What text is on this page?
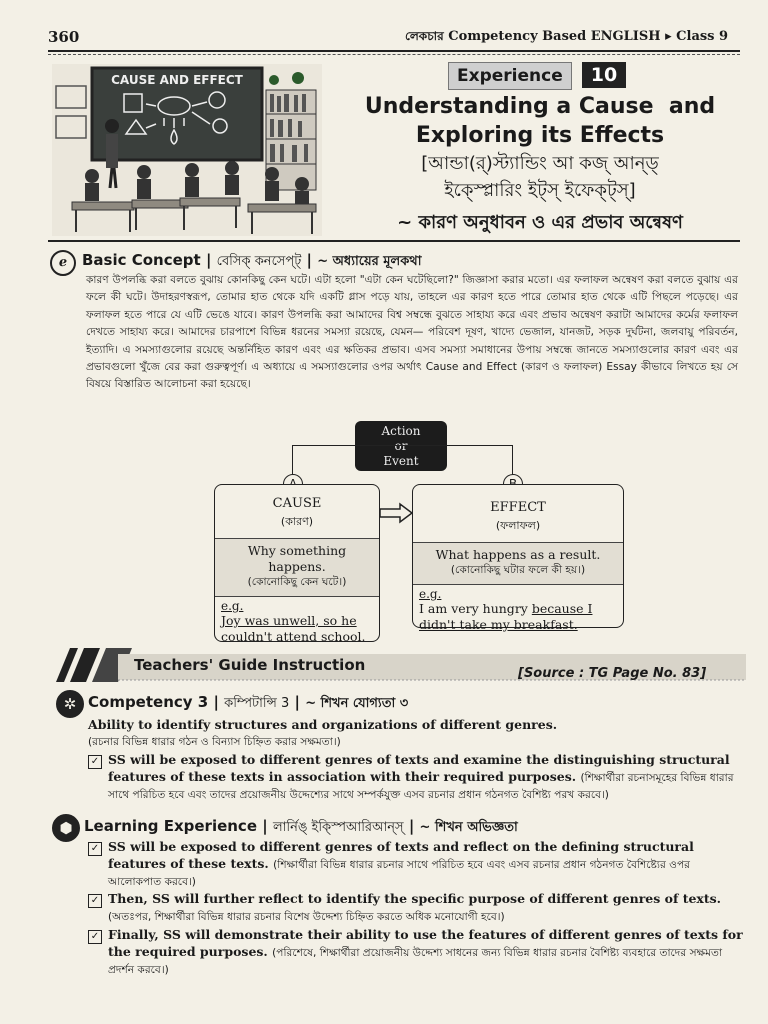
360	লেকচার Competency Based ENGLISH ▸ Class 9
CAUSE AND EFFECT	Experience	10
Understanding a Cause  and
Exploring its Effects
[আন্ডা(র্)স্ট্যান্ডিং আ কজ্ আন্ড্
ইক্স্প্লোরিং ইট্স্ ইফেক্ট্স্]
~ কারণ অনুধাবন ও এর প্রভাব অন্বেষণ
ℯ Basic Concept | বেসিক্ কনসেপ্ট্ | ~ অধ্যায়ের মূলকথা
কারণ উপলব্ধি করা বলতে বুঝায় কোনকিছু কেন ঘটে। এটা হলো "এটা কেন ঘটেছিলো?" জিজ্ঞাসা করার মতো। এর ফলাফল অন্বেষণ করা বলতে বুঝায় এর ফলে কী ঘটে। উদাহরণস্বরূপ, তোমার হাত থেকে যদি একটি গ্লাস পড়ে যায়, তাহলে এর কারণ হতে পারে তোমার হাত থেকে এটি পিছলে পড়েছে। এর ফলাফল হতে পারে যে এটি ভেঙে যাবে। কারণ উপলব্ধি করা আমাদের বিশ্ব সম্বন্ধে বুঝতে সাহায্য করে এবং প্রভাব অন্বেষণ করাটা আমাদের কর্মের ফলাফল দেখতে সাহায্য করে। আমাদের চারপাশে বিভিন্ন ধরনের সমস্যা রয়েছে, যেমন— পরিবেশ দূষণ, খাদ্যে ভেজাল, যানজট, সড়ক দুর্ঘটনা, জলবায়ু পরিবর্তন, ইত্যাদি। এ সমস্যাগুলোর রয়েছে অন্তর্নিহিত কারণ এবং এর ক্ষতিকর প্রভাব। এসব সমস্যা সমাধানের উপায় সম্বন্ধে জানতে সমস্যাগুলোর কারণ এবং এর প্রভাবগুলো খুঁজে বের করা গুরুত্বপূর্ণ। এ অধ্যায়ে এ সমস্যাগুলোর ওপর অর্থাৎ Cause and Effect (কারণ ও ফলাফল) Essay কীভাবে লিখতে হয় সে বিষয়ে বিস্তারিত আলোচনা করা হয়েছে।
Action
or
Event
CAUSE
(কারণ)
Why something
happens.
(কোনোকিছু কেন ঘটে।)
e.g.
Joy was unwell, so he
couldn't attend school.
EFFECT
(ফলাফল)
What happens as a result.
(কোনোকিছু ঘটার ফলে কী হয়।)
e.g.
I am very hungry because I
didn't take my breakfast.
Teachers' Guide Instruction	[Source : TG Page No. 83]
✲ Competency 3 | কম্পিটান্সি 3 | ~ শিখন যোগ্যতা ৩
Ability to identify structures and organizations of different genres.
(রচনার বিভিন্ন ধারার গঠন ও বিন্যাস চিহ্নিত করার সক্ষমতা।)
✓ SS will be exposed to different genres of texts and examine the distinguishing structural features of these texts in association with their required purposes. (শিক্ষার্থীরা রচনাসমূহের বিভিন্ন ধারার সাথে পরিচিত হবে এবং তাদের প্রয়োজনীয় উদ্দেশ্যের সাথে সম্পর্কযুক্ত এসব রচনার প্রধান গঠনগত বৈশিষ্ট্য পরখ করবে।)
⬢ Learning Experience | লার্নিঙ্ ইক্স্পিআরিআন্স্ | ~ শিখন অভিজ্ঞতা
✓ SS will be exposed to different genres of texts and reflect on the defining structural features of these texts. (শিক্ষার্থীরা বিভিন্ন ধারার রচনার সাথে পরিচিত হবে এবং এসব রচনার প্রধান গঠনগত বৈশিষ্ট্যের ওপর আলোকপাত করবে।)
✓ Then, SS will further reflect to identify the specific purpose of different genres of texts. (অতঃপর, শিক্ষার্থীরা বিভিন্ন ধারার রচনার বিশেষ উদ্দেশ্য চিহ্নিত করতে অধিক মনোযোগী হবে।)
✓ Finally, SS will demonstrate their ability to use the features of different genres of texts for the required purposes. (পরিশেষে, শিক্ষার্থীরা প্রয়োজনীয় উদ্দেশ্য সাধনের জন্য বিভিন্ন ধারার রচনার বৈশিষ্ট্য ব্যবহারে তাদের সক্ষমতা প্রদর্শন করবে।)
